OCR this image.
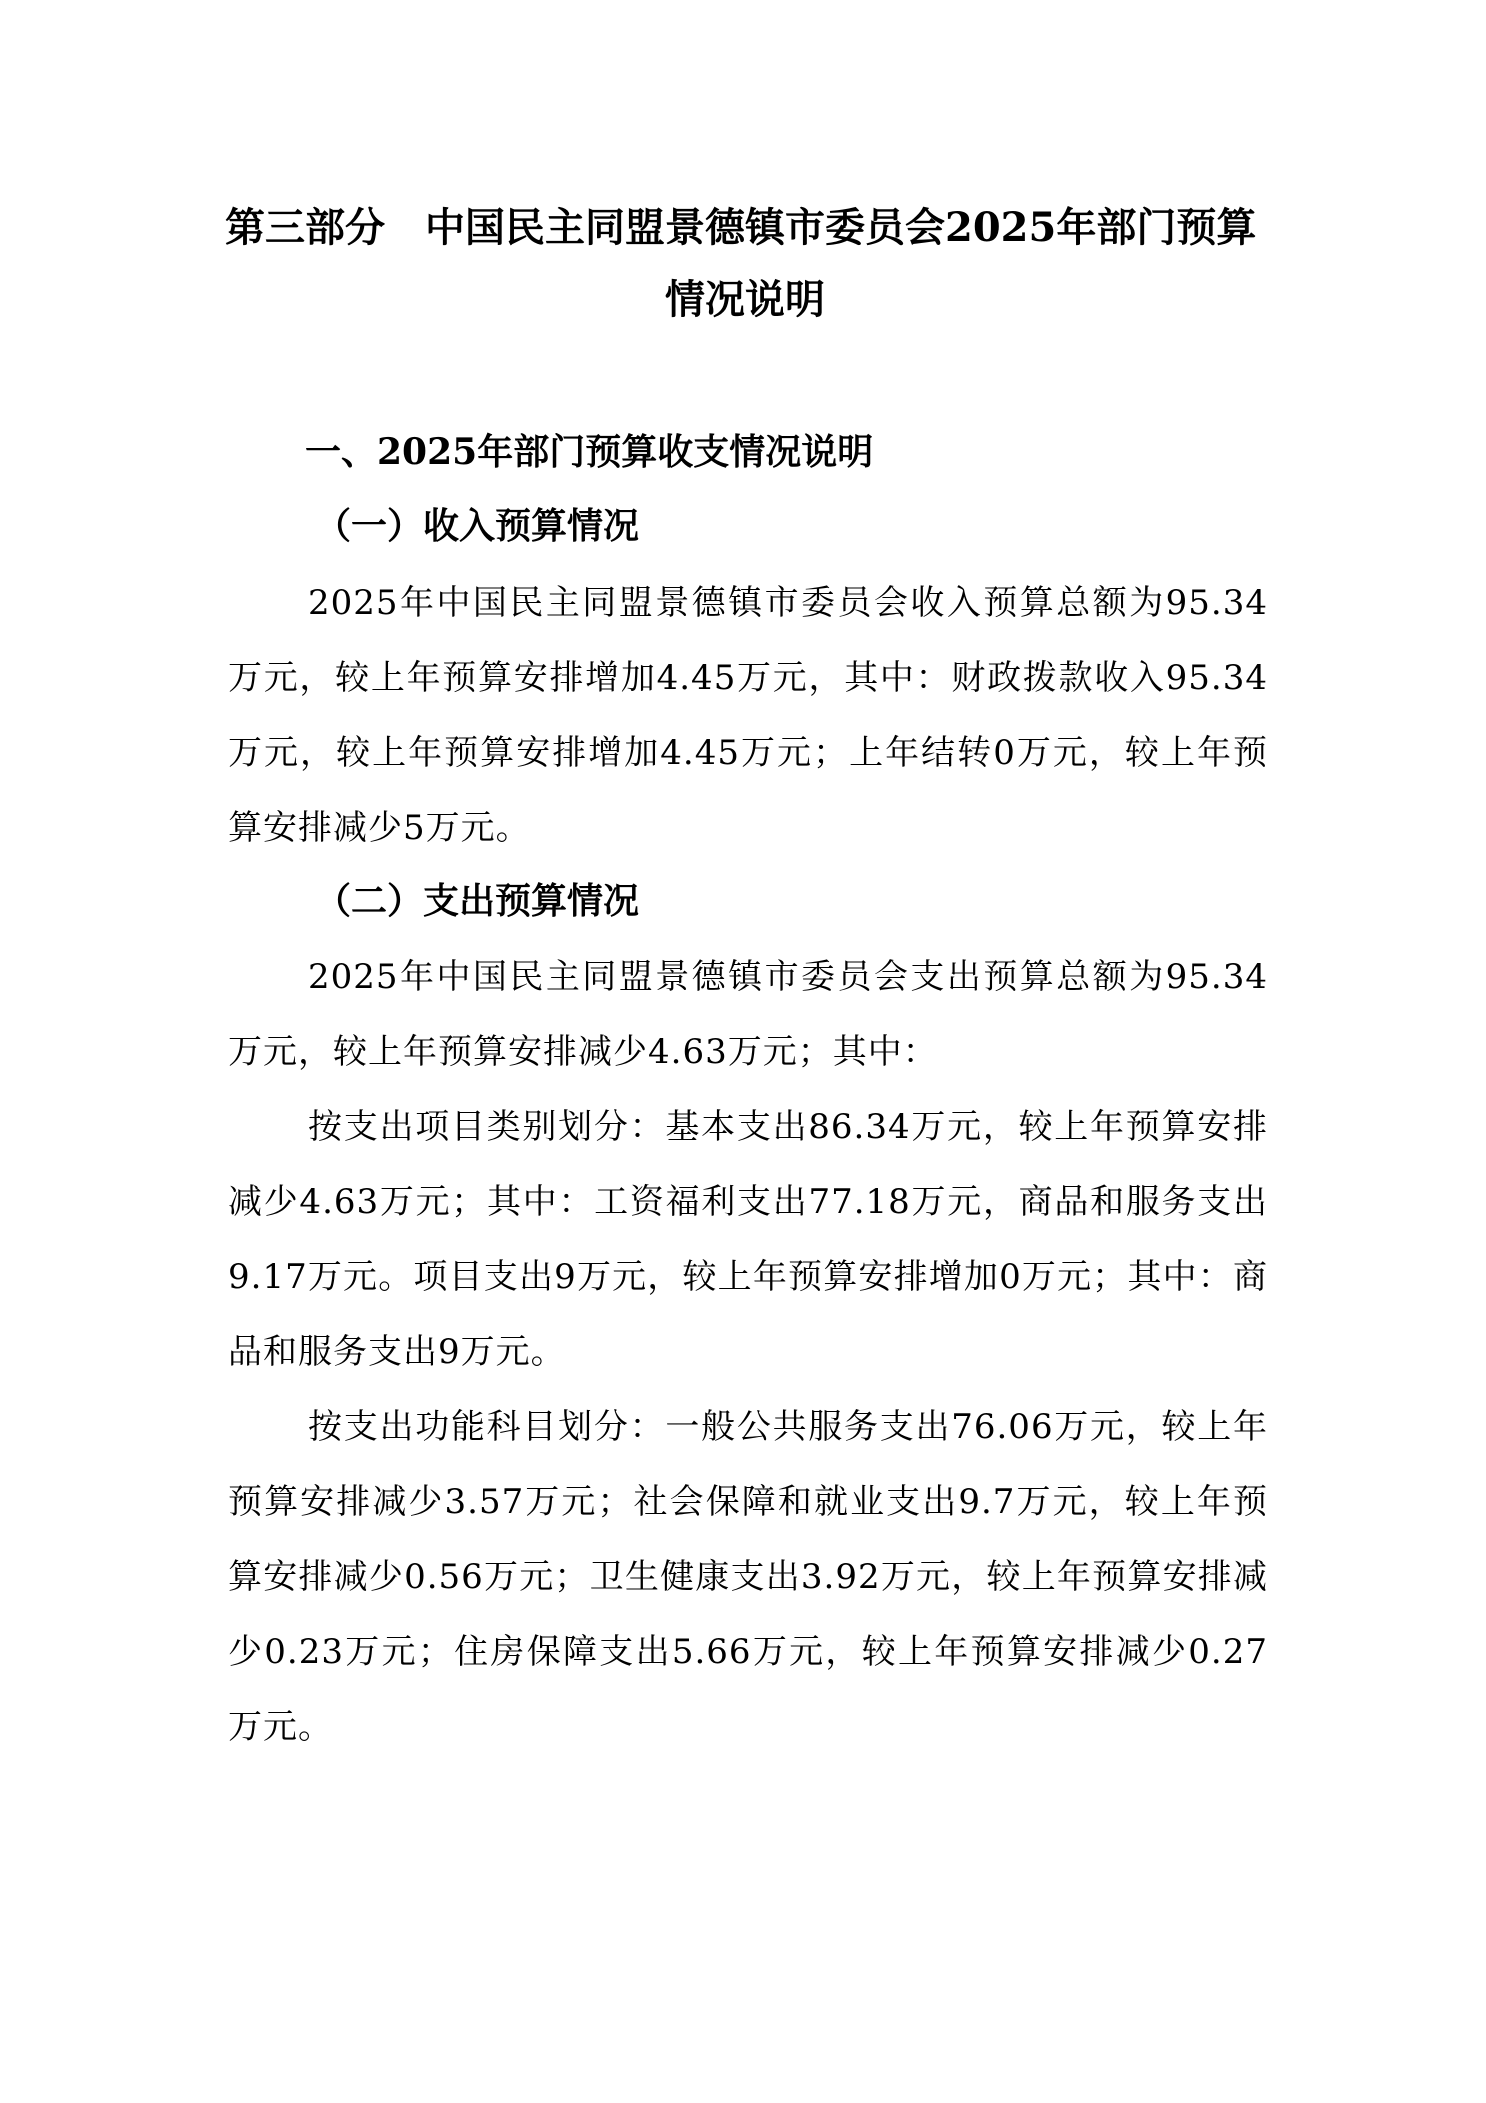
第三部分　中国民主同盟景德镇市委员会2025年部门预算
情况说明
一、2025年部门预算收支情况说明
（一）收入预算情况
2025年中国民主同盟景德镇市委员会收入预算总额为95.34万元，较上年预算安排增加4.45万元，其中：财政拨款收入95.34万元，较上年预算安排增加4.45万元；上年结转0万元，较上年预算安排减少5万元。
（二）支出预算情况
2025年中国民主同盟景德镇市委员会支出预算总额为95.34万元，较上年预算安排减少4.63万元；其中：
按支出项目类别划分：基本支出86.34万元，较上年预算安排减少4.63万元；其中：工资福利支出77.18万元，商品和服务支出9.17万元。项目支出9万元，较上年预算安排增加0万元；其中：商品和服务支出9万元。
按支出功能科目划分：一般公共服务支出76.06万元，较上年预算安排减少3.57万元；社会保障和就业支出9.7万元，较上年预算安排减少0.56万元；卫生健康支出3.92万元，较上年预算安排减少0.23万元；住房保障支出5.66万元，较上年预算安排减少0.27万元。
